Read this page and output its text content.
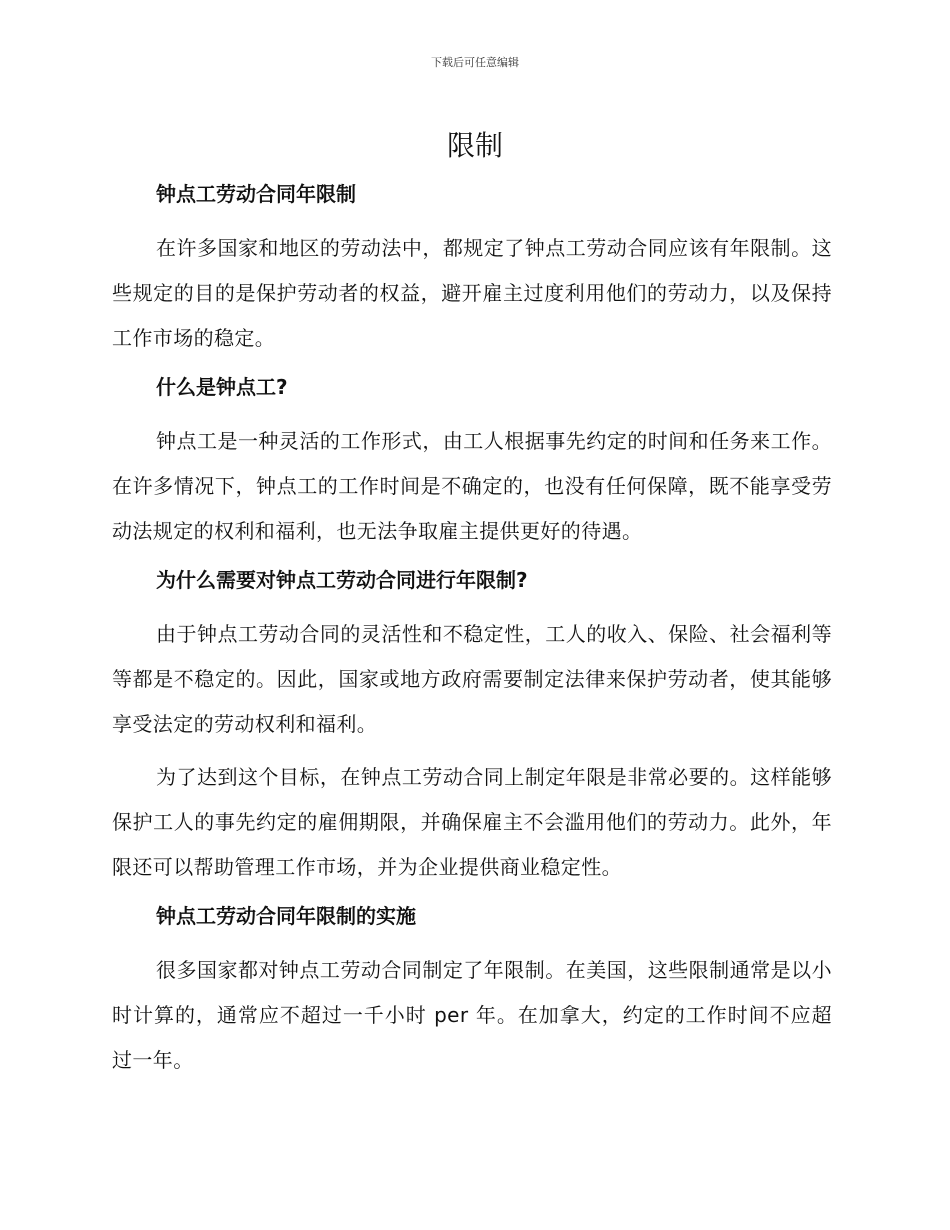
下载后可任意编辑
限制
钟点工劳动合同年限制

在许多国家和地区的劳动法中，都规定了钟点工劳动合同应该有年限制。这些规定的目的是保护劳动者的权益，避开雇主过度利用他们的劳动力，以及保持工作市场的稳定。

什么是钟点工?

钟点工是一种灵活的工作形式，由工人根据事先约定的时间和任务来工作。在许多情况下，钟点工的工作时间是不确定的，也没有任何保障，既不能享受劳动法规定的权利和福利，也无法争取雇主提供更好的待遇。

为什么需要对钟点工劳动合同进行年限制?

由于钟点工劳动合同的灵活性和不稳定性，工人的收入、保险、社会福利等等都是不稳定的。因此，国家或地方政府需要制定法律来保护劳动者，使其能够享受法定的劳动权利和福利。

为了达到这个目标，在钟点工劳动合同上制定年限是非常必要的。这样能够保护工人的事先约定的雇佣期限，并确保雇主不会滥用他们的劳动力。此外，年限还可以帮助管理工作市场，并为企业提供商业稳定性。

钟点工劳动合同年限制的实施

很多国家都对钟点工劳动合同制定了年限制。在美国，这些限制通常是以小时计算的，通常应不超过一千小时 per 年。在加拿大，约定的工作时间不应超过一年。
